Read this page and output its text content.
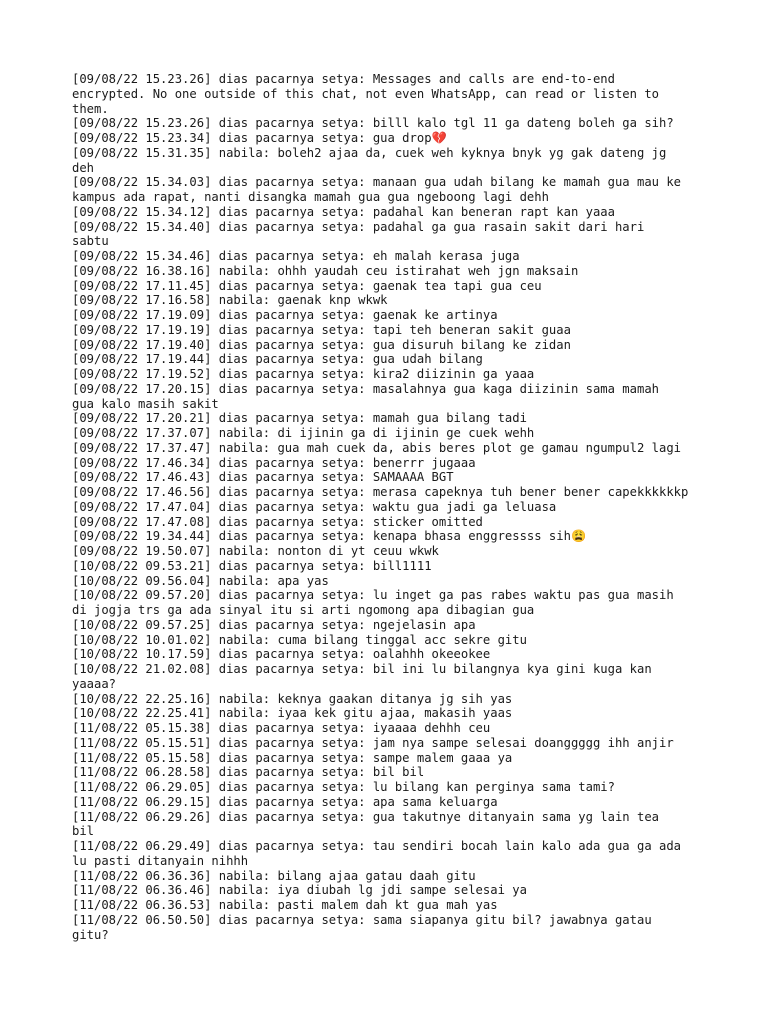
[09/08/22 15.23.26] dias pacarnya setya: Messages and calls are end-to-end
encrypted. No one outside of this chat, not even WhatsApp, can read or listen to
them.

[09/08/22 15.23.26] dias pacarnya setya: billl kalo tgl 11 ga dateng boleh ga sih?

[09/08/22 15.23.34] dias pacarnya setya: gua drop💔

[09/08/22 15.31.35] nabila: boleh2 ajaa da, cuek weh kyknya bnyk yg gak dateng jg
deh

[09/08/22 15.34.03] dias pacarnya setya: manaan gua udah bilang ke mamah gua mau ke
kampus ada rapat, nanti disangka mamah gua gua ngeboong lagi dehh

[09/08/22 15.34.12] dias pacarnya setya: padahal kan beneran rapt kan yaaa

[09/08/22 15.34.40] dias pacarnya setya: padahal ga gua rasain sakit dari hari
sabtu

[09/08/22 15.34.46] dias pacarnya setya: eh malah kerasa juga

[09/08/22 16.38.16] nabila: ohhh yaudah ceu istirahat weh jgn maksain

[09/08/22 17.11.45] dias pacarnya setya: gaenak tea tapi gua ceu

[09/08/22 17.16.58] nabila: gaenak knp wkwk

[09/08/22 17.19.09] dias pacarnya setya: gaenak ke artinya

[09/08/22 17.19.19] dias pacarnya setya: tapi teh beneran sakit guaa

[09/08/22 17.19.40] dias pacarnya setya: gua disuruh bilang ke zidan

[09/08/22 17.19.44] dias pacarnya setya: gua udah bilang

[09/08/22 17.19.52] dias pacarnya setya: kira2 diizinin ga yaaa

[09/08/22 17.20.15] dias pacarnya setya: masalahnya gua kaga diizinin sama mamah
gua kalo masih sakit

[09/08/22 17.20.21] dias pacarnya setya: mamah gua bilang tadi

[09/08/22 17.37.07] nabila: di ijinin ga di ijinin ge cuek wehh

[09/08/22 17.37.47] nabila: gua mah cuek da, abis beres plot ge gamau ngumpul2 lagi

[09/08/22 17.46.34] dias pacarnya setya: benerrr jugaaa

[09/08/22 17.46.43] dias pacarnya setya: SAMAAAA BGT

[09/08/22 17.46.56] dias pacarnya setya: merasa capeknya tuh bener bener capekkkkkkp

[09/08/22 17.47.04] dias pacarnya setya: waktu gua jadi ga leluasa

[09/08/22 17.47.08] dias pacarnya setya: sticker omitted

[09/08/22 19.34.44] dias pacarnya setya: kenapa bhasa enggressss sih😩

[09/08/22 19.50.07] nabila: nonton di yt ceuu wkwk

[10/08/22 09.53.21] dias pacarnya setya: bill1111

[10/08/22 09.56.04] nabila: apa yas

[10/08/22 09.57.20] dias pacarnya setya: lu inget ga pas rabes waktu pas gua masih
di jogja trs ga ada sinyal itu si arti ngomong apa dibagian gua

[10/08/22 09.57.25] dias pacarnya setya: ngejelasin apa

[10/08/22 10.01.02] nabila: cuma bilang tinggal acc sekre gitu

[10/08/22 10.17.59] dias pacarnya setya: oalahhh okeeokee

[10/08/22 21.02.08] dias pacarnya setya: bil ini lu bilangnya kya gini kuga kan
yaaaa?

[10/08/22 22.25.16] nabila: keknya gaakan ditanya jg sih yas

[10/08/22 22.25.41] nabila: iyaa kek gitu ajaa, makasih yaas

[11/08/22 05.15.38] dias pacarnya setya: iyaaaa dehhh ceu

[11/08/22 05.15.51] dias pacarnya setya: jam nya sampe selesai doanggggg ihh anjir

[11/08/22 05.15.58] dias pacarnya setya: sampe malem gaaa ya

[11/08/22 06.28.58] dias pacarnya setya: bil bil

[11/08/22 06.29.05] dias pacarnya setya: lu bilang kan perginya sama tami?

[11/08/22 06.29.15] dias pacarnya setya: apa sama keluarga

[11/08/22 06.29.26] dias pacarnya setya: gua takutnye ditanyain sama yg lain tea
bil

[11/08/22 06.29.49] dias pacarnya setya: tau sendiri bocah lain kalo ada gua ga ada
lu pasti ditanyain nihhh

[11/08/22 06.36.36] nabila: bilang ajaa gatau daah gitu

[11/08/22 06.36.46] nabila: iya diubah lg jdi sampe selesai ya

[11/08/22 06.36.53] nabila: pasti malem dah kt gua mah yas

[11/08/22 06.50.50] dias pacarnya setya: sama siapanya gitu bil? jawabnya gatau
gitu?
